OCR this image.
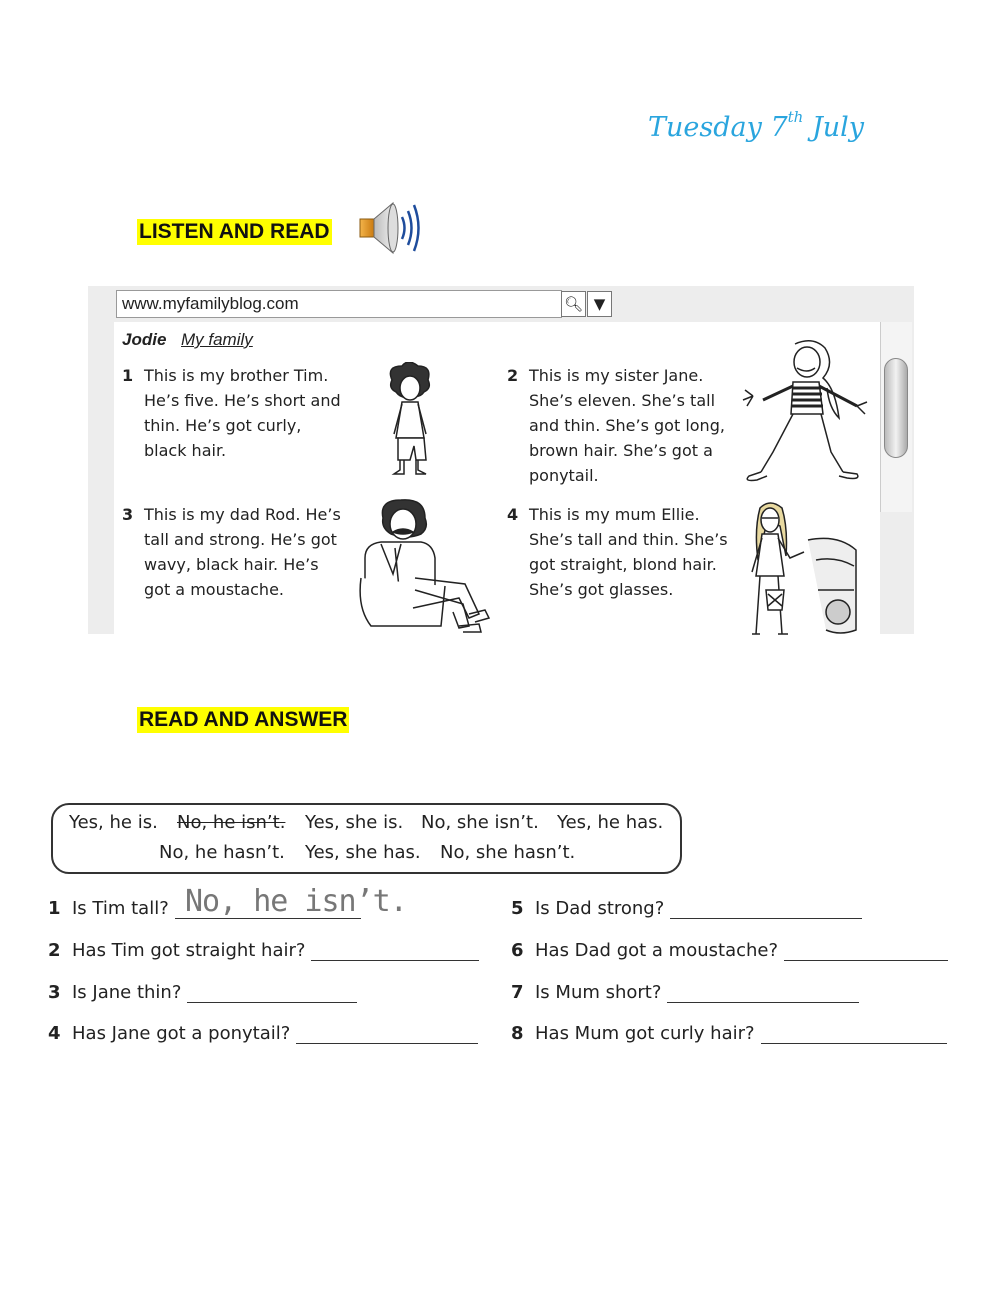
Tuesday 7th July
LISTEN AND READ
www.myfamilyblog.com	🔍︎ ▼
Jodie My family
1 This is my brother Tim.
He’s five. He’s short and
thin. He’s got curly,
black hair.
2 This is my sister Jane.
She’s eleven. She’s tall
and thin. She’s got long,
brown hair. She’s got a
ponytail.
3 This is my dad Rod. He’s
tall and strong. He’s got
wavy, black hair. He’s
got a moustache.
4 This is my mum Ellie.
She’s tall and thin. She’s
got straight, blond hair.
She’s got glasses.
READ AND ANSWER
Yes, he is. No, he isn’t. Yes, she is. No, she isn’t. Yes, he has.
No, he hasn’t. Yes, she has. No, she hasn’t.
1 Is Tim tall? No, he isn’t.
2 Has Tim got straight hair?
3 Is Jane thin?
4 Has Jane got a ponytail?
5 Is Dad strong?
6 Has Dad got a moustache?
7 Is Mum short?
8 Has Mum got curly hair?
